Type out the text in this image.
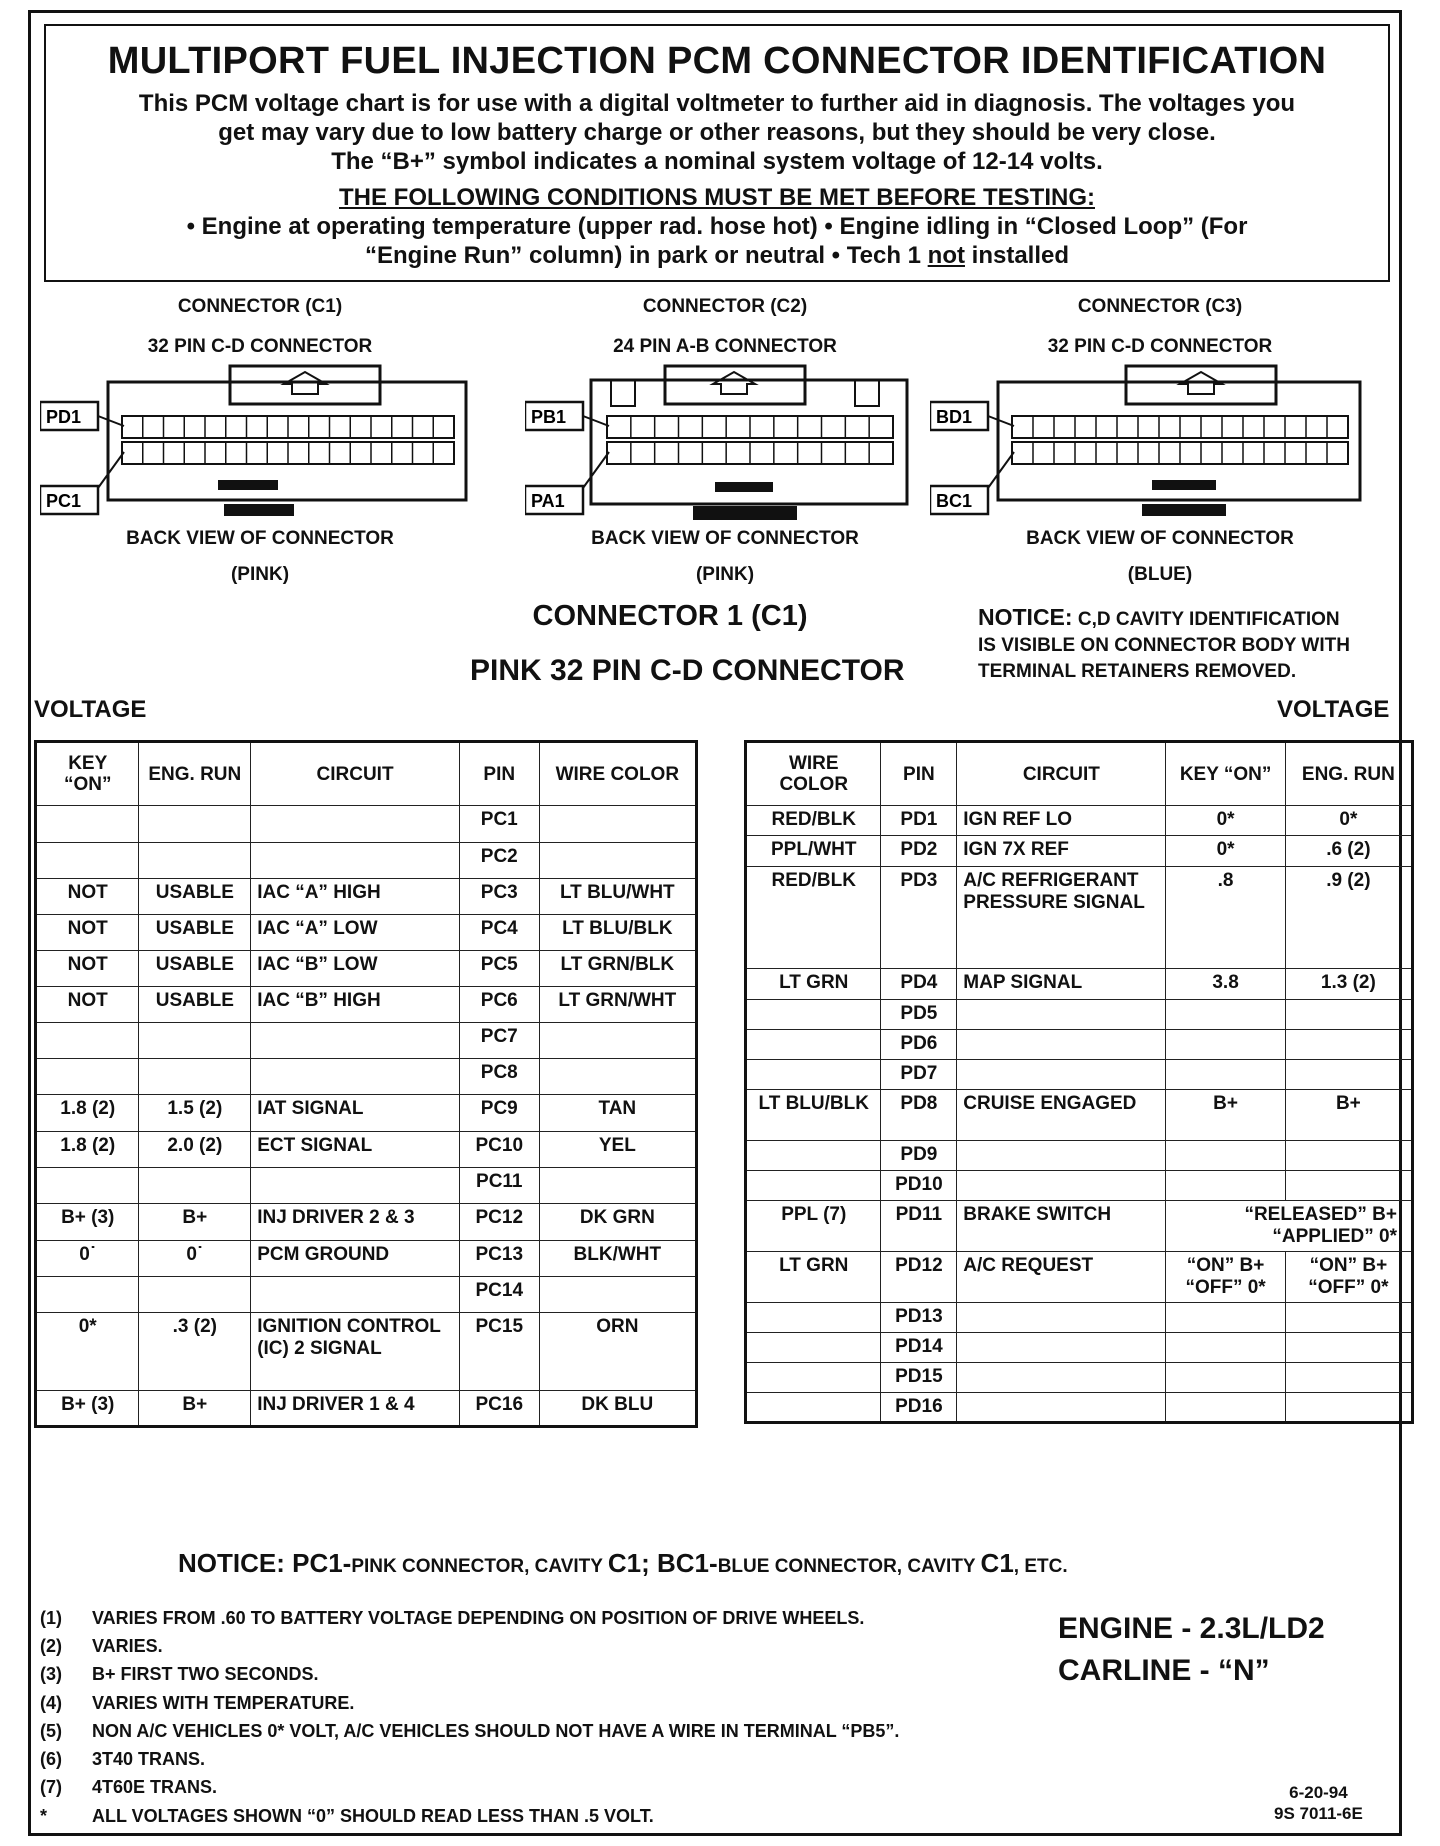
MULTIPORT FUEL INJECTION PCM CONNECTOR IDENTIFICATION
This PCM voltage chart is for use with a digital voltmeter to further aid in diagnosis. The voltages you
get may vary due to low battery charge or other reasons, but they should be very close.
The “B+” symbol indicates a nominal system voltage of 12-14 volts.
THE FOLLOWING CONDITIONS MUST BE MET BEFORE TESTING:
• Engine at operating temperature (upper rad. hose hot) • Engine idling in “Closed Loop” (For
“Engine Run” column) in park or neutral • Tech 1 not installed
CONNECTOR (C1)
32 PIN C-D CONNECTOR
PD1
PC1
BACK VIEW OF CONNECTOR
(PINK)
CONNECTOR (C2)
24 PIN A-B CONNECTOR
PB1
PA1
BACK VIEW OF CONNECTOR
(PINK)
CONNECTOR (C3)
32 PIN C-D CONNECTOR
BD1
BC1
BACK VIEW OF CONNECTOR
(BLUE)
CONNECTOR 1 (C1)
PINK 32 PIN C-D CONNECTOR
NOTICE: C,D CAVITY IDENTIFICATION
IS VISIBLE ON CONNECTOR BODY WITH
TERMINAL RETAINERS REMOVED.
VOLTAGE	VOLTAGE
KEY “ON”	ENG. RUN	CIRCUIT	PIN	WIRE COLOR
			PC1	
			PC2	
NOT	USABLE	IAC “A” HIGH	PC3	LT BLU/WHT
NOT	USABLE	IAC “A” LOW	PC4	LT BLU/BLK
NOT	USABLE	IAC “B” LOW	PC5	LT GRN/BLK
NOT	USABLE	IAC “B” HIGH	PC6	LT GRN/WHT
			PC7	
			PC8	
1.8 (2)	1.5 (2)	IAT SIGNAL	PC9	TAN
1.8 (2)	2.0 (2)	ECT SIGNAL	PC10	YEL
			PC11	
B+ (3)	B+	INJ DRIVER 2 & 3	PC12	DK GRN
0˙	0˙	PCM GROUND	PC13	BLK/WHT
			PC14	
0*	.3 (2)	IGNITION CONTROL (IC) 2 SIGNAL	PC15	ORN
B+ (3)	B+	INJ DRIVER 1 & 4	PC16	DK BLU
WIRE COLOR	PIN	CIRCUIT	KEY “ON”	ENG. RUN
RED/BLK	PD1	IGN REF LO	0*	0*
PPL/WHT	PD2	IGN 7X REF	0*	.6 (2)
RED/BLK	PD3	A/C REFRIGERANT PRESSURE SIGNAL	.8	.9 (2)
LT GRN	PD4	MAP SIGNAL	3.8	1.3 (2)
	PD5			
	PD6			
	PD7			
LT BLU/BLK	PD8	CRUISE ENGAGED	B+	B+
	PD9			
	PD10			
PPL (7)	PD11	BRAKE SWITCH	“RELEASED” B+ “APPLIED” 0*	
LT GRN	PD12	A/C REQUEST	“ON” B+ “OFF” 0*	“ON” B+ “OFF” 0*
	PD13			
	PD14			
	PD15			
	PD16			
NOTICE: PC1-PINK CONNECTOR, CAVITY C1; BC1-BLUE CONNECTOR, CAVITY C1, ETC.
(1)	VARIES FROM .60 TO BATTERY VOLTAGE DEPENDING ON POSITION OF DRIVE WHEELS.
(2)	VARIES.
(3)	B+ FIRST TWO SECONDS.
(4)	VARIES WITH TEMPERATURE.
(5)	NON A/C VEHICLES 0* VOLT, A/C VEHICLES SHOULD NOT HAVE A WIRE IN TERMINAL “PB5”.
(6)	3T40 TRANS.
(7)	4T60E TRANS.
*	ALL VOLTAGES SHOWN “0” SHOULD READ LESS THAN .5 VOLT.
ENGINE - 2.3L/LD2
CARLINE - “N”
6-20-94
9S 7011-6E
